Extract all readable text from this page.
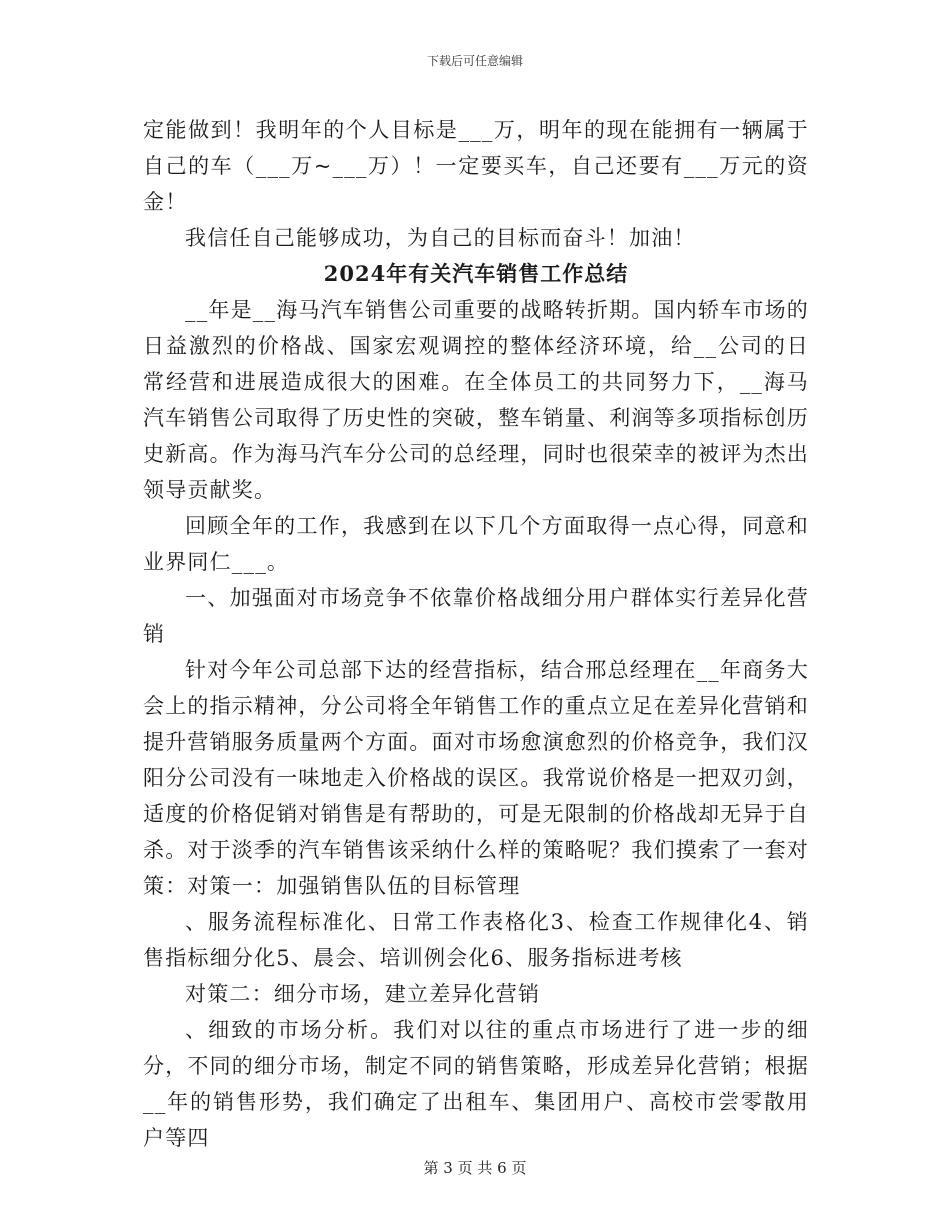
下载后可任意编辑

定能做到！我明年的个人目标是___万，明年的现在能拥有一辆属于自己的车（___万~___万）！一定要买车，自己还要有___万元的资金！

我信任自己能够成功，为自己的目标而奋斗！加油！

2024年有关汽车销售工作总结

__年是__海马汽车销售公司重要的战略转折期。国内轿车市场的日益激烈的价格战、国家宏观调控的整体经济环境，给__公司的日常经营和进展造成很大的困难。在全体员工的共同努力下，__海马汽车销售公司取得了历史性的突破，整车销量、利润等多项指标创历史新高。作为海马汽车分公司的总经理，同时也很荣幸的被评为杰出领导贡献奖。

回顾全年的工作，我感到在以下几个方面取得一点心得，同意和业界同仁___。

一、加强面对市场竞争不依靠价格战细分用户群体实行差异化营销

针对今年公司总部下达的经营指标，结合邢总经理在__年商务大会上的指示精神，分公司将全年销售工作的重点立足在差异化营销和提升营销服务质量两个方面。面对市场愈演愈烈的价格竞争，我们汉阳分公司没有一味地走入价格战的误区。我常说价格是一把双刃剑，适度的价格促销对销售是有帮助的，可是无限制的价格战却无异于自杀。对于淡季的汽车销售该采纳什么样的策略呢？我们摸索了一套对策：对策一：加强销售队伍的目标管理

、服务流程标准化、日常工作表格化3、检查工作规律化4、销售指标细分化5、晨会、培训例会化6、服务指标进考核

对策二：细分市场，建立差异化营销

、细致的市场分析。我们对以往的重点市场进行了进一步的细分，不同的细分市场，制定不同的销售策略，形成差异化营销；根据__年的销售形势，我们确定了出租车、集团用户、高校市尝零散用户等四

第 3 页 共 6 页
